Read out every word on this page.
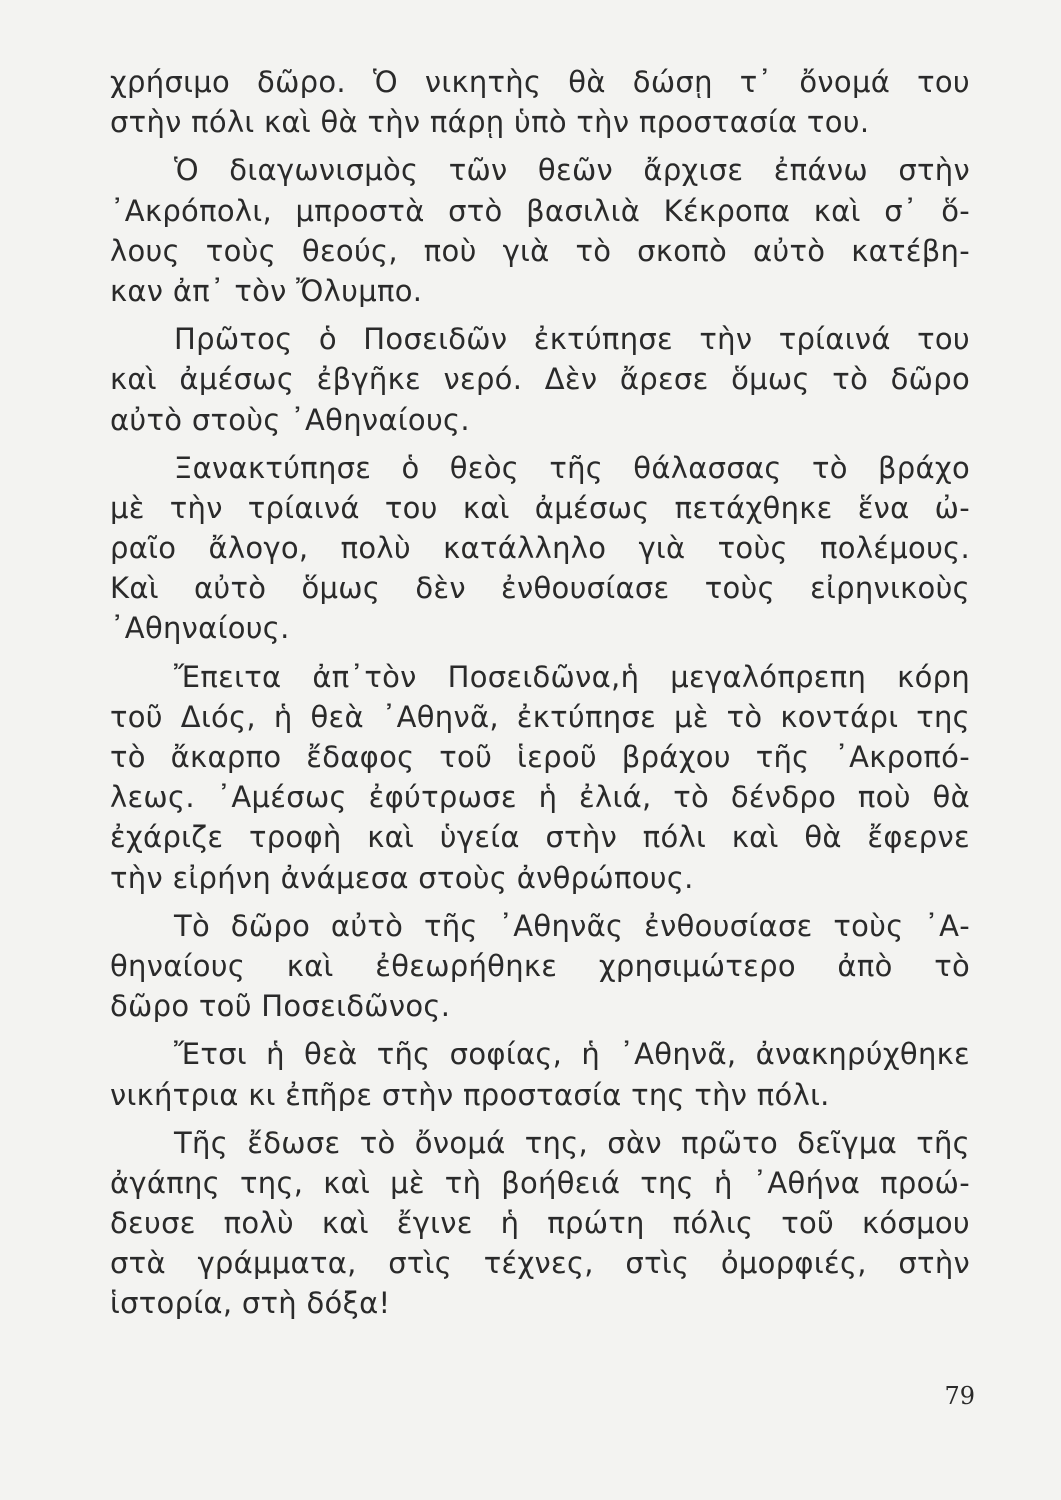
χρήσιμο δῶρο. Ὁ νικητὴς θὰ δώσῃ τ᾽ ὄνομά του
στὴν πόλι καὶ θὰ τὴν πάρῃ ὑπὸ τὴν προστασία του.
Ὁ διαγωνισμὸς τῶν θεῶν ἄρχισε ἐπάνω στὴν
᾽Ακρόπολι, μπροστὰ στὸ βασιλιὰ Κέκροπα καὶ σ᾽ ὅ-
λους τοὺς θεούς, ποὺ γιὰ τὸ σκοπὸ αὐτὸ κατέβη-
καν ἀπ᾽ τὸν Ὄλυμπο.
Πρῶτος ὁ Ποσειδῶν ἐκτύπησε τὴν τρίαινά του
καὶ ἀμέσως ἐβγῆκε νερό. Δὲν ἄρεσε ὅμως τὸ δῶρο
αὐτὸ στοὺς ᾽Αθηναίους.
Ξανακτύπησε ὁ θεὸς τῆς θάλασσας τὸ βράχο
μὲ τὴν τρίαινά του καὶ ἀμέσως πετάχθηκε ἕνα ὠ-
ραῖο ἄλογο, πολὺ κατάλληλο γιὰ τοὺς πολέμους.
Καὶ αὐτὸ ὅμως δὲν ἐνθουσίασε τοὺς εἰρηνικοὺς
᾽Αθηναίους.
Ἔπειτα ἀπ᾽τὸν Ποσειδῶνα,ἡ μεγαλόπρεπη κόρη
τοῦ Διός, ἡ θεὰ ᾽Αθηνᾶ, ἐκτύπησε μὲ τὸ κοντάρι της
τὸ ἄκαρπο ἔδαφος τοῦ ἱεροῦ βράχου τῆς ᾽Ακροπό-
λεως. ᾽Αμέσως ἐφύτρωσε ἡ ἐλιά, τὸ δένδρο ποὺ θὰ
ἐχάριζε τροφὴ καὶ ὑγεία στὴν πόλι καὶ θὰ ἔφερνε
τὴν εἰρήνη ἀνάμεσα στοὺς ἀνθρώπους.
Τὸ δῶρο αὐτὸ τῆς ᾽Αθηνᾶς ἐνθουσίασε τοὺς ᾽Α-
θηναίους καὶ ἐθεωρήθηκε χρησιμώτερο ἀπὸ τὸ
δῶρο τοῦ Ποσειδῶνος.
Ἔτσι ἡ θεὰ τῆς σοφίας, ἡ ᾽Αθηνᾶ, ἀνακηρύχθηκε
νικήτρια κι ἐπῆρε στὴν προστασία της τὴν πόλι.
Τῆς ἔδωσε τὸ ὄνομά της, σὰν πρῶτο δεῖγμα τῆς
ἀγάπης της, καὶ μὲ τὴ βοήθειά της ἡ ᾽Αθήνα προώ-
δευσε πολὺ καὶ ἔγινε ἡ πρώτη πόλις τοῦ κόσμου
στὰ γράμματα, στὶς τέχνες, στὶς ὀμορφιές, στὴν
ἱστορία, στὴ δόξα!
79
